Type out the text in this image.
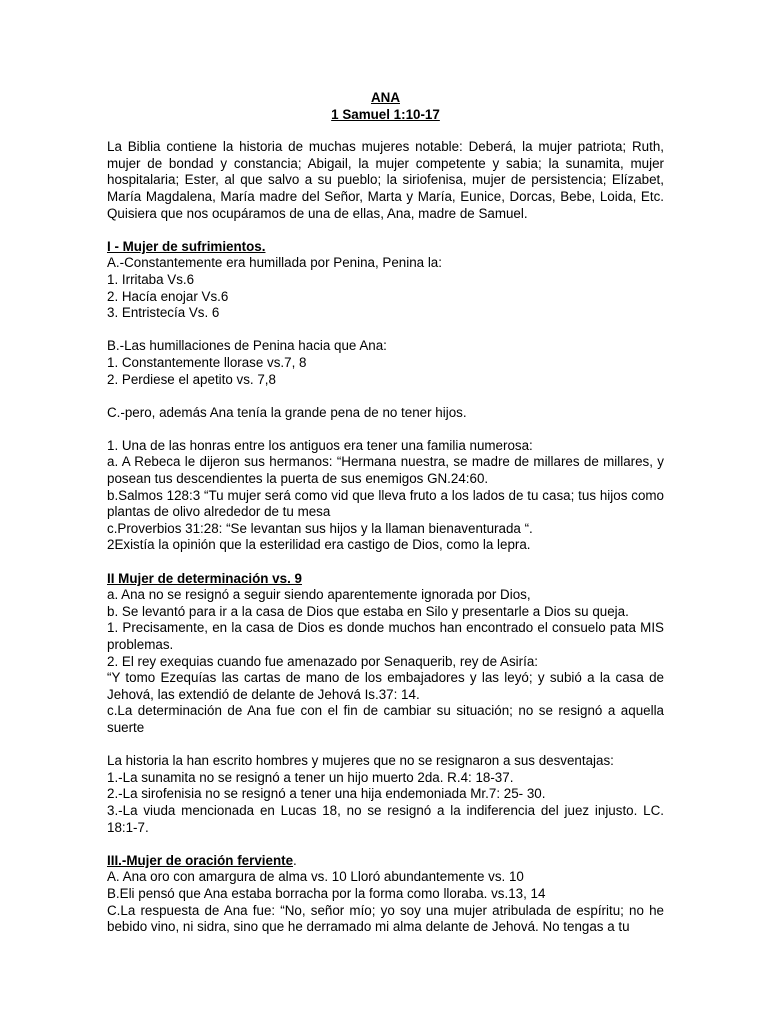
ANA

1 Samuel 1:10-17

La Biblia contiene la historia de muchas mujeres notable: Deberá, la mujer patriota; Ruth, mujer de bondad y constancia; Abigail, la mujer competente y sabia; la sunamita, mujer hospitalaria; Ester, al que salvo a su pueblo; la siriofenisa, mujer de persistencia; Elízabet, María Magdalena, María madre del Señor, Marta y María, Eunice, Dorcas, Bebe, Loida, Etc. Quisiera que nos ocupáramos de una de ellas, Ana, madre de Samuel.

I - Mujer de sufrimientos.

A.-Constantemente era humillada por Penina, Penina la:

1. Irritaba Vs.6

2. Hacía enojar Vs.6

3. Entristecía Vs. 6

B.-Las humillaciones de Penina hacia que Ana:

1. Constantemente llorase vs.7, 8

2. Perdiese el apetito vs. 7,8

C.-pero, además Ana tenía la grande pena de no tener hijos.

1. Una de las honras entre los antiguos era tener una familia numerosa:

a. A Rebeca le dijeron sus hermanos: “Hermana nuestra, se madre de millares de millares, y posean tus descendientes la puerta de sus enemigos GN.24:60.

b.Salmos 128:3 “Tu mujer será como vid que lleva fruto a los lados de tu casa; tus hijos como plantas de olivo alrededor de tu mesa

c.Proverbios 31:28: “Se levantan sus hijos y la llaman bienaventurada “.

2Existía la opinión que la esterilidad era castigo de Dios, como la lepra.

II Mujer de determinación vs. 9

a. Ana no se resignó a seguir siendo aparentemente ignorada por Dios,

b. Se levantó para ir a la casa de Dios que estaba en Silo y presentarle a Dios su queja.

1. Precisamente, en la casa de Dios es donde muchos han encontrado el consuelo pata MIS problemas.

2. El rey exequias cuando fue amenazado por Senaquerib, rey de Asiría:

“Y tomo Ezequías las cartas de mano de los embajadores y las leyó; y subió a la casa de Jehová, las extendió de delante de Jehová Is.37: 14.

c.La determinación de Ana fue con el fin de cambiar su situación; no se resignó a aquella suerte

La historia la han escrito hombres y mujeres que no se resignaron a sus desventajas:

1.-La sunamita no se resignó a tener un hijo muerto 2da. R.4: 18-37.

2.-La sirofenisia no se resignó a tener una hija endemoniada Mr.7: 25- 30.

3.-La viuda mencionada en Lucas 18, no se resignó a la indiferencia del juez injusto. LC. 18:1-7.

III.-Mujer de oración ferviente.

A. Ana oro con amargura de alma vs. 10 Lloró abundantemente vs. 10

B.Eli pensó que Ana estaba borracha por la forma como lloraba. vs.13, 14

C.La respuesta de Ana fue: “No, señor mío; yo soy una mujer atribulada de espíritu; no he bebido vino, ni sidra, sino que he derramado mi alma delante de Jehová. No tengas a tu
